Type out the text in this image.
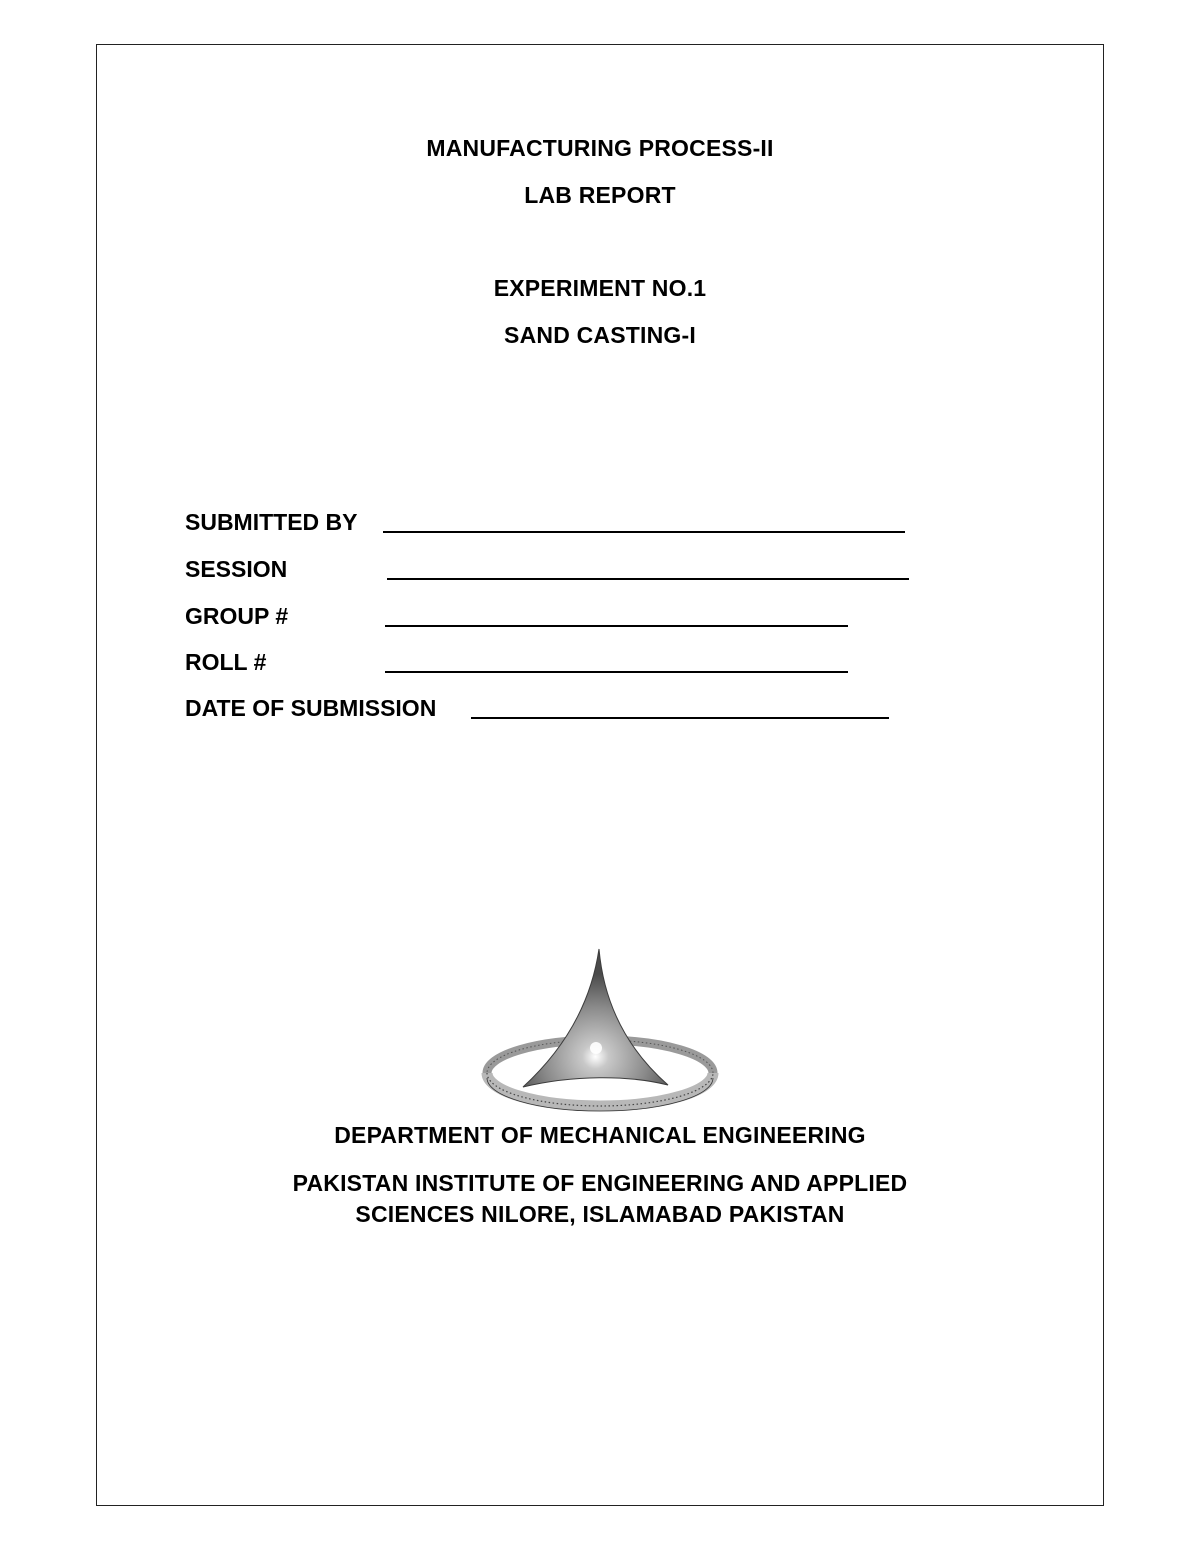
MANUFACTURING PROCESS-II
LAB REPORT
EXPERIMENT NO.1
SAND CASTING-I
SUBMITTED BY
SESSION
GROUP #
ROLL #
DATE OF SUBMISSION
DEPARTMENT OF MECHANICAL ENGINEERING
PAKISTAN INSTITUTE OF ENGINEERING AND APPLIED
SCIENCES NILORE, ISLAMABAD PAKISTAN
